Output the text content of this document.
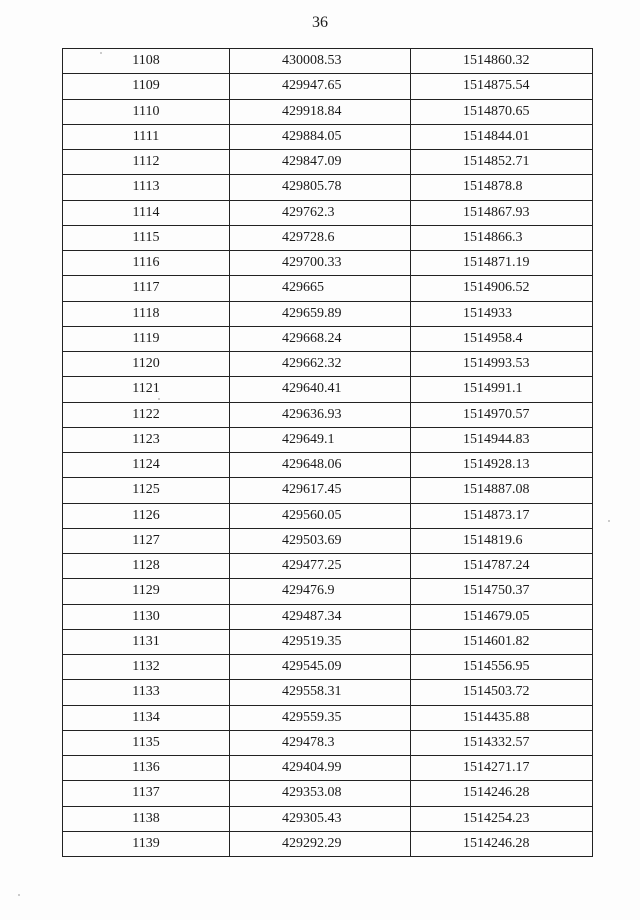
36
1108	430008.53	1514860.32
1109	429947.65	1514875.54
1110	429918.84	1514870.65
1111	429884.05	1514844.01
1112	429847.09	1514852.71
1113	429805.78	1514878.8
1114	429762.3	1514867.93
1115	429728.6	1514866.3
1116	429700.33	1514871.19
1117	429665	1514906.52
1118	429659.89	1514933
1119	429668.24	1514958.4
1120	429662.32	1514993.53
1121	429640.41	1514991.1
1122	429636.93	1514970.57
1123	429649.1	1514944.83
1124	429648.06	1514928.13
1125	429617.45	1514887.08
1126	429560.05	1514873.17
1127	429503.69	1514819.6
1128	429477.25	1514787.24
1129	429476.9	1514750.37
1130	429487.34	1514679.05
1131	429519.35	1514601.82
1132	429545.09	1514556.95
1133	429558.31	1514503.72
1134	429559.35	1514435.88
1135	429478.3	1514332.57
1136	429404.99	1514271.17
1137	429353.08	1514246.28
1138	429305.43	1514254.23
1139	429292.29	1514246.28
